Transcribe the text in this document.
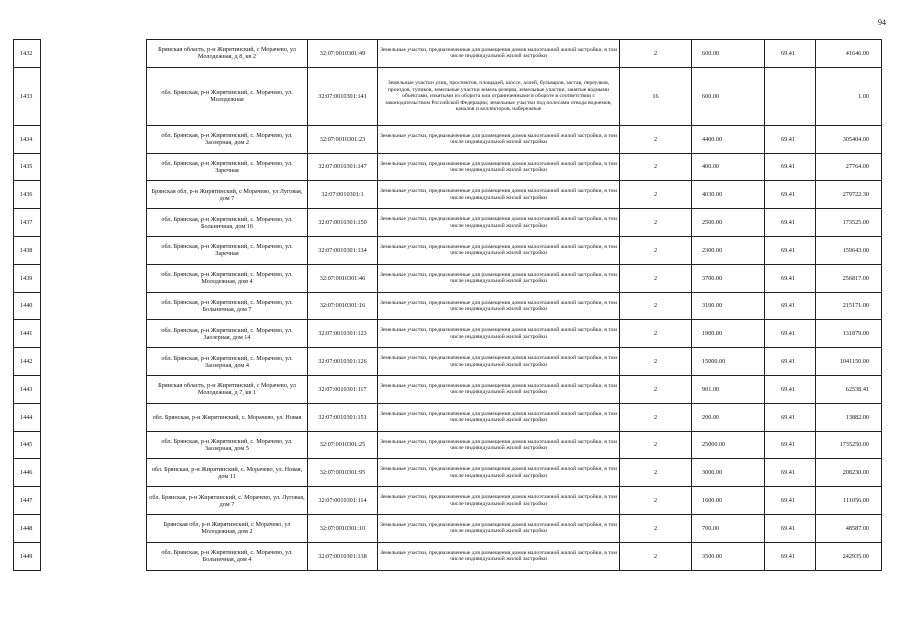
94
1432		Брянская область, р-н Жирятинский, с Морачево, ул Молодежная, д 8, кв 2	32:07:0010301:49	Земельные участки, предназначенные для размещения домов малоэтажной жилой застройки, в том числе индивидуальной жилой застройки	2	600.00	69.41	41646.00
1433		обл. Брянская, р-н Жирятинский, с. Морачево, ул. Молодежная	32:07:0010301:141	Земельные участки улиц, проспектов, площадей, шоссе, аллей, бульваров, застав, переулков, проездов, тупиков, земельные участки земель резерва, земельные участки, занятые водными объектами, изъятыми из оборота или ограниченными в обороте в соответствии с законодательством Российской Федерации; земельные участки под полосами отвода водоемов, каналов и коллекторов, набережные	16	600.00		1.00
1434		обл. Брянская, р-н Жирятинский, с. Морачево, ул. Заозерная, дом 2	32:07:0010301:23	Земельные участки, предназначенные для размещения домов малоэтажной жилой застройки, в том числе индивидуальной жилой застройки	2	4400.00	69.41	305404.00
1435		обл. Брянская, р-н Жирятинский, с. Морачево, ул. Заречная	32:07:0010301:147	Земельные участки, предназначенные для размещения домов малоэтажной жилой застройки, в том числе индивидуальной жилой застройки	2	400.00	69.41	27764.00
1436		Брянская обл, р-н Жирятинский, с Морачево, ул Луговая, дом 7	32:07:0010301:1	Земельные участки, предназначенные для размещения домов малоэтажной жилой застройки, в том числе индивидуальной жилой застройки	2	4030.00	69.41	279722.30
1437		обл. Брянская, р-н Жирятинский, с. Морачево, ул. Больничная, дом 16	32:07:0010301:150	Земельные участки, предназначенные для размещения домов малоэтажной жилой застройки, в том числе индивидуальной жилой застройки	2	2500.00	69.41	173525.00
1438		обл. Брянская, р-н Жирятинский, с. Морачево, ул. Заречная	32:07:0010301:134	Земельные участки, предназначенные для размещения домов малоэтажной жилой застройки, в том числе индивидуальной жилой застройки	2	2300.00	69.41	159643.00
1439		обл. Брянская, р-н Жирятинский, с. Морачево, ул. Молодежная, дом 4	32:07:0010301:46	Земельные участки, предназначенные для размещения домов малоэтажной жилой застройки, в том числе индивидуальной жилой застройки	2	3700.00	69.41	256817.00
1440		обл. Брянская, р-н Жирятинский, с. Морачево, ул. Больничная, дом 7	32:07:0010301:16	Земельные участки, предназначенные для размещения домов малоэтажной жилой застройки, в том числе индивидуальной жилой застройки	2	3100.00	69.41	215171.00
1441		обл. Брянская, р-н Жирятинский, с. Морачево, ул. Заозерная, дом 14	32:07:0010301:123	Земельные участки, предназначенные для размещения домов малоэтажной жилой застройки, в том числе индивидуальной жилой застройки	2	1900.00	69.41	131879.00
1442		обл. Брянская, р-н Жирятинский, с. Морачево, ул. Заозерная, дом 4	32:07:0010301:126	Земельные участки, предназначенные для размещения домов малоэтажной жилой застройки, в том числе индивидуальной жилой застройки	2	15000.00	69.41	1041150.00
1443		Брянская область, р-н Жирятинский, с Морачево, ул Молодежная, д 7, кв 1	32:07:0010301:117	Земельные участки, предназначенные для размещения домов малоэтажной жилой застройки, в том числе индивидуальной жилой застройки	2	901.00	69.41	62538.41
1444		обл. Брянская, р-н Жирятинский, с. Морачево, ул. Новая	32:07:0010301:151	Земельные участки, предназначенные для размещения домов малоэтажной жилой застройки, в том числе индивидуальной жилой застройки	2	200.00	69.41	13882.00
1445		обл. Брянская, р-н Жирятинский, с. Морачево, ул. Заозерная, дом 5	32:07:0010301:25	Земельные участки, предназначенные для размещения домов малоэтажной жилой застройки, в том числе индивидуальной жилой застройки	2	25000.00	69.41	1735250.00
1446		обл. Брянская, р-н Жирятинский, с. Морачево, ул. Новая, дом 11	32:07:0010301:95	Земельные участки, предназначенные для размещения домов малоэтажной жилой застройки, в том числе индивидуальной жилой застройки	2	3000.00	69.41	208230.00
1447		обл. Брянская, р-н Жирятинский, с. Морачево, ул. Луговая, дом 7	32:07:0010301:114	Земельные участки, предназначенные для размещения домов малоэтажной жилой застройки, в том числе индивидуальной жилой застройки	2	1600.00	69.41	111056.00
1448		Брянская обл, р-н Жирятинский, с Морачево, ул Молодежная, дом 2	32:07:0010301:10	Земельные участки, предназначенные для размещения домов малоэтажной жилой застройки, в том числе индивидуальной жилой застройки	2	700.00	69.41	48587.00
1449		обл. Брянская, р-н Жирятинский, с. Морачево, ул. Больничная, дом 4	32:07:0010301:138	Земельные участки, предназначенные для размещения домов малоэтажной жилой застройки, в том числе индивидуальной жилой застройки	2	3500.00	69.41	242935.00
